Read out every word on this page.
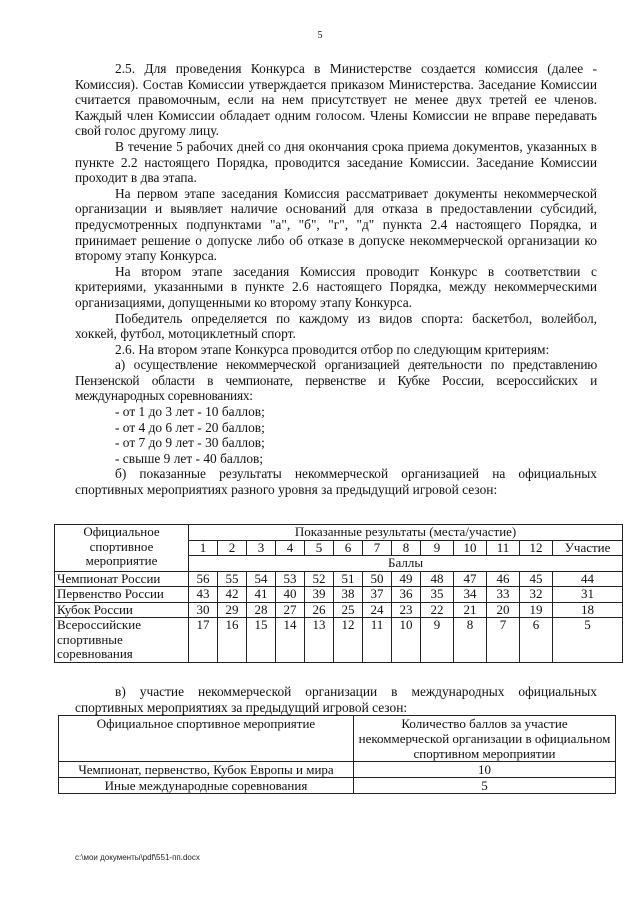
5

2.5. Для проведения Конкурса в Министерстве создается комиссия (далее - Комиссия). Состав Комиссии утверждается приказом Министерства. Заседание Комиссии считается правомочным, если на нем присутствует не менее двух третей ее членов. Каждый член Комиссии обладает одним голосом. Члены Комиссии не вправе передавать свой голос другому лицу.

В течение 5 рабочих дней со дня окончания срока приема документов, указанных в пункте 2.2 настоящего Порядка, проводится заседание Комиссии. Заседание Комиссии проходит в два этапа.

На первом этапе заседания Комиссия рассматривает документы некоммерческой организации и выявляет наличие оснований для отказа в предоставлении субсидий, предусмотренных подпунктами "а", "б", "г", "д" пункта 2.4 настоящего Порядка, и принимает решение о допуске либо об отказе в допуске некоммерческой организации ко второму этапу Конкурса.

На втором этапе заседания Комиссия проводит Конкурс в соответствии с критериями, указанными в пункте 2.6 настоящего Порядка, между некоммерческими организациями, допущенными ко второму этапу Конкурса.

Победитель определяется по каждому из видов спорта: баскетбол, волейбол, хоккей, футбол, мотоциклетный спорт.

2.6. На втором этапе Конкурса проводится отбор по следующим критериям:

а) осуществление некоммерческой организацией деятельности по представлению Пензенской области в чемпионате, первенстве и Кубке России, всероссийских и международных соревнованиях:

- от 1 до 3 лет - 10 баллов;

- от 4 до 6 лет - 20 баллов;

- от 7 до 9 лет - 30 баллов;

- свыше 9 лет - 40 баллов;

б) показанные результаты некоммерческой организацией на официальных спортивных мероприятиях разного уровня за предыдущий игровой сезон:

Официальное спортивное мероприятие	Показанные результаты (места/участие)												
	1	2	3	4	5	6	7	8	9	10	11	12	Участие
	Баллы												
Чемпионат России	56	55	54	53	52	51	50	49	48	47	46	45	44
Первенство России	43	42	41	40	39	38	37	36	35	34	33	32	31
Кубок России	30	29	28	27	26	25	24	23	22	21	20	19	18
Всероссийские спортивные соревнования	17	16	15	14	13	12	11	10	9	8	7	6	5

в) участие некоммерческой организации в международных официальных спортивных мероприятиях за предыдущий игровой сезон:

Официальное спортивное мероприятие	Количество баллов за участие некоммерческой организации в официальном спортивном мероприятии
Чемпионат, первенство, Кубок Европы и мира	10
Иные международные соревнования	5
c:\мои документы\pdf\551-пп.docx
